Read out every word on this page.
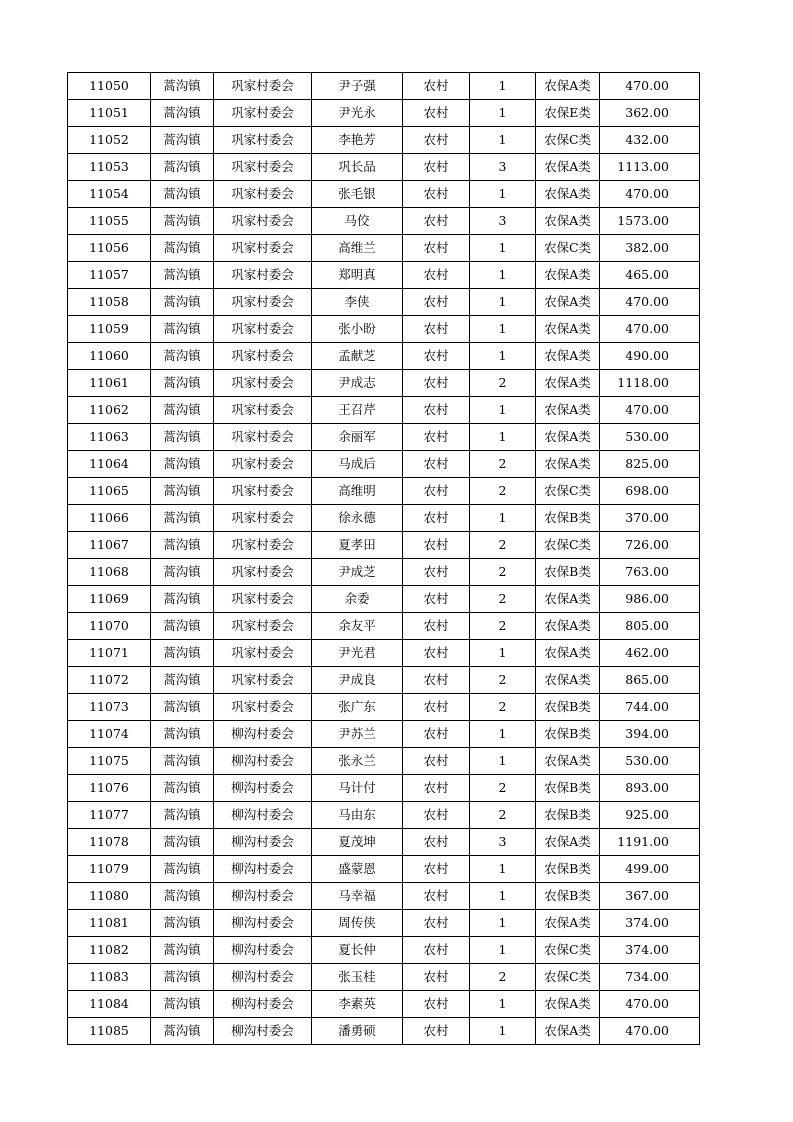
11050	蒿沟镇	巩家村委会	尹子强	农村	1	农保A类	470.00
11051	蒿沟镇	巩家村委会	尹光永	农村	1	农保E类	362.00
11052	蒿沟镇	巩家村委会	李艳芳	农村	1	农保C类	432.00
11053	蒿沟镇	巩家村委会	巩长品	农村	3	农保A类	1113.00
11054	蒿沟镇	巩家村委会	张毛银	农村	1	农保A类	470.00
11055	蒿沟镇	巩家村委会	马佼	农村	3	农保A类	1573.00
11056	蒿沟镇	巩家村委会	高维兰	农村	1	农保C类	382.00
11057	蒿沟镇	巩家村委会	郑明真	农村	1	农保A类	465.00
11058	蒿沟镇	巩家村委会	李侠	农村	1	农保A类	470.00
11059	蒿沟镇	巩家村委会	张小盼	农村	1	农保A类	470.00
11060	蒿沟镇	巩家村委会	孟献芝	农村	1	农保A类	490.00
11061	蒿沟镇	巩家村委会	尹成志	农村	2	农保A类	1118.00
11062	蒿沟镇	巩家村委会	王召芹	农村	1	农保A类	470.00
11063	蒿沟镇	巩家村委会	余丽军	农村	1	农保A类	530.00
11064	蒿沟镇	巩家村委会	马成后	农村	2	农保A类	825.00
11065	蒿沟镇	巩家村委会	高维明	农村	2	农保C类	698.00
11066	蒿沟镇	巩家村委会	徐永德	农村	1	农保B类	370.00
11067	蒿沟镇	巩家村委会	夏孝田	农村	2	农保C类	726.00
11068	蒿沟镇	巩家村委会	尹成芝	农村	2	农保B类	763.00
11069	蒿沟镇	巩家村委会	余委	农村	2	农保A类	986.00
11070	蒿沟镇	巩家村委会	余友平	农村	2	农保A类	805.00
11071	蒿沟镇	巩家村委会	尹光君	农村	1	农保A类	462.00
11072	蒿沟镇	巩家村委会	尹成良	农村	2	农保A类	865.00
11073	蒿沟镇	巩家村委会	张广东	农村	2	农保B类	744.00
11074	蒿沟镇	柳沟村委会	尹苏兰	农村	1	农保B类	394.00
11075	蒿沟镇	柳沟村委会	张永兰	农村	1	农保A类	530.00
11076	蒿沟镇	柳沟村委会	马计付	农村	2	农保B类	893.00
11077	蒿沟镇	柳沟村委会	马由东	农村	2	农保B类	925.00
11078	蒿沟镇	柳沟村委会	夏茂坤	农村	3	农保A类	1191.00
11079	蒿沟镇	柳沟村委会	盛蒙恩	农村	1	农保B类	499.00
11080	蒿沟镇	柳沟村委会	马幸福	农村	1	农保B类	367.00
11081	蒿沟镇	柳沟村委会	周传侠	农村	1	农保A类	374.00
11082	蒿沟镇	柳沟村委会	夏长仲	农村	1	农保C类	374.00
11083	蒿沟镇	柳沟村委会	张玉桂	农村	2	农保C类	734.00
11084	蒿沟镇	柳沟村委会	李素英	农村	1	农保A类	470.00
11085	蒿沟镇	柳沟村委会	潘勇硕	农村	1	农保A类	470.00
